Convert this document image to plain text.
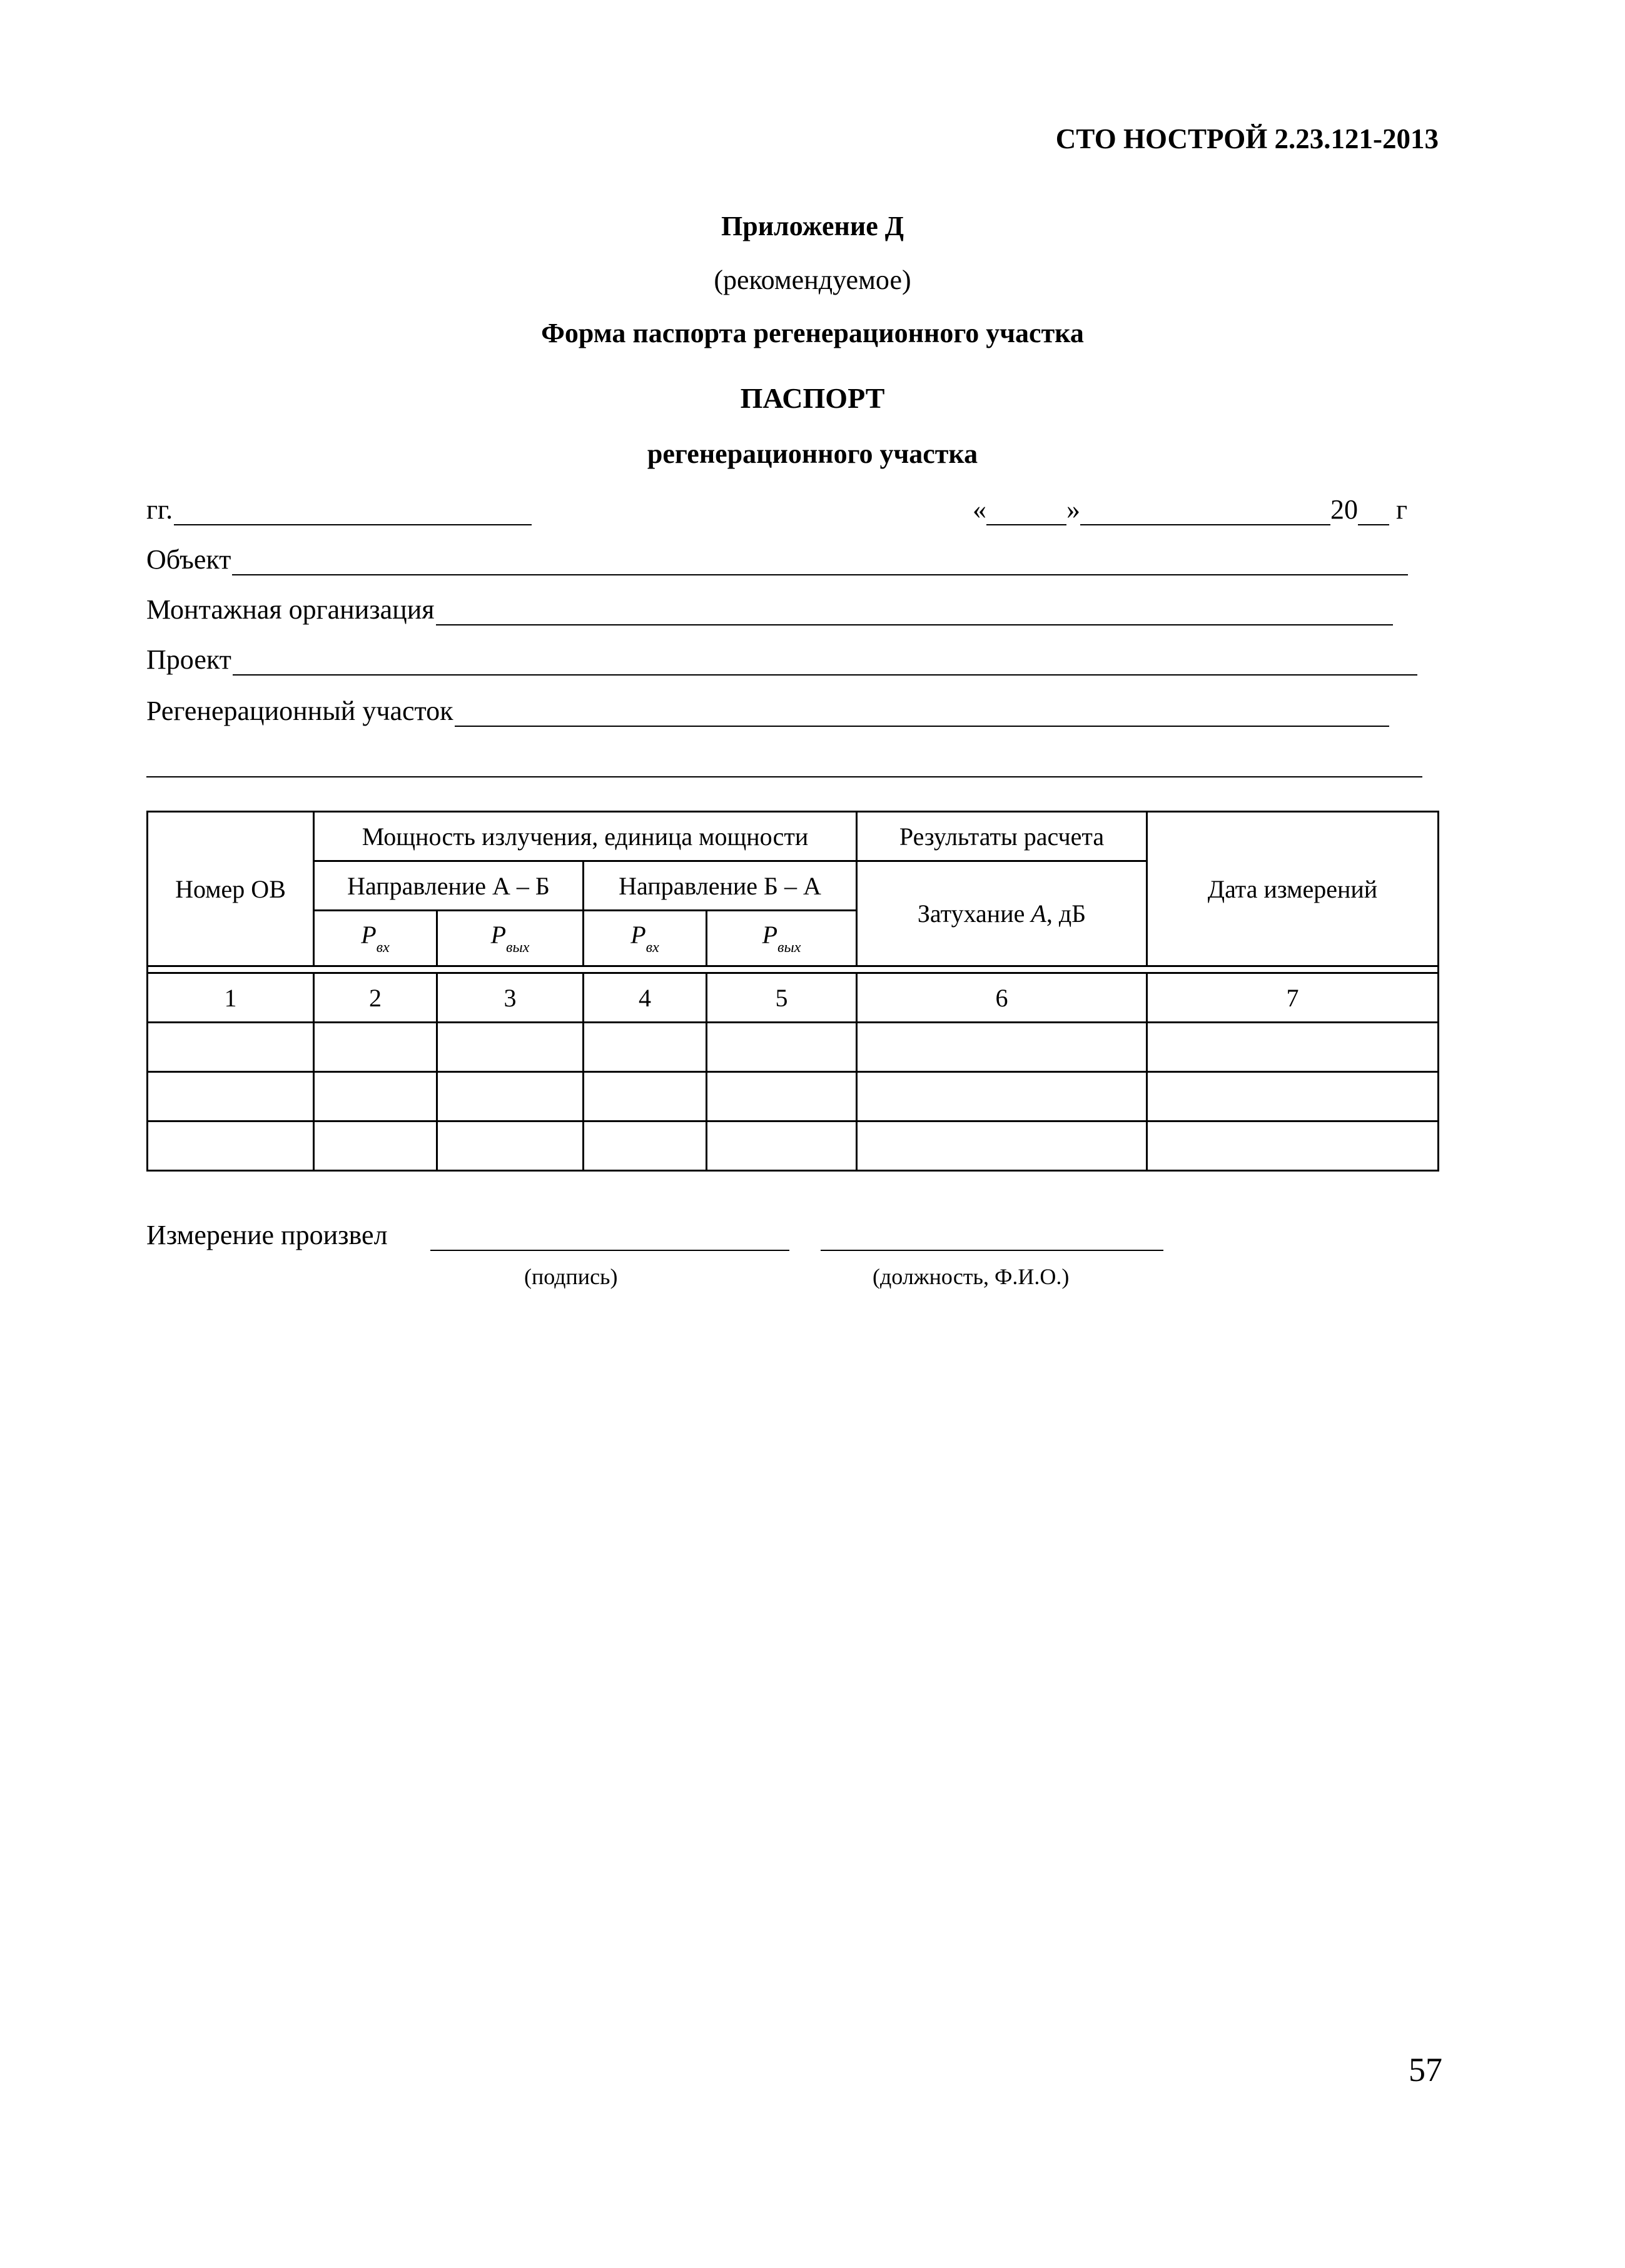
СТО НОСТРОЙ 2.23.121-2013
Приложение Д
(рекомендуемое)
Форма паспорта регенерационного участка
ПАСПОРТ
регенерационного участка
гг.	«	»	20 г
Объект
Монтажная организация
Проект
Регенерационный участок
Номер ОВ	Мощность излучения, единица мощности				Результаты расчета	Дата измерений
	Направление А – Б		Направление Б – А		Затухание А, дБ	
	$P_{вх}$	$P_{вых}$	$P_{вх}$	$P_{вых}$

1	2	3	4	5	6	7

Измерение произвел
(подпись)	(должность, Ф.И.О.)
57
